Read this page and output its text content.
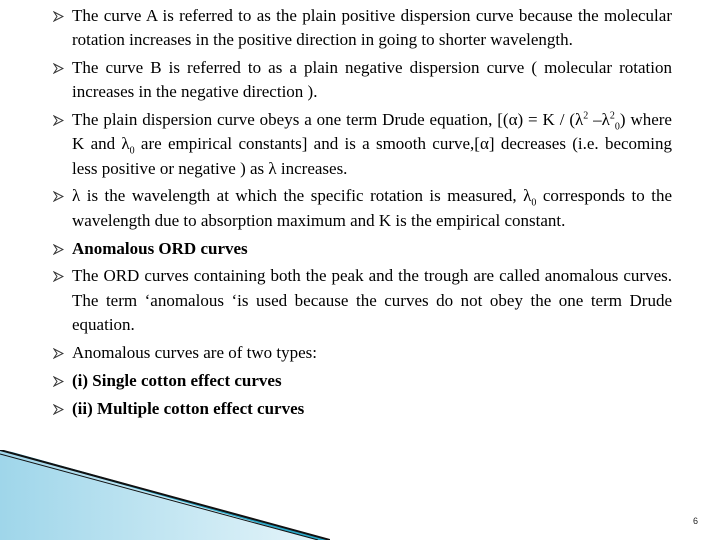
The curve A is referred to as the plain positive dispersion curve because the molecular rotation increases in the positive direction in going to shorter wavelength.
The curve B is referred to as a plain negative dispersion curve ( molecular rotation increases in the negative direction ).
The plain dispersion curve obeys a one term Drude equation, [$(\alpha) = K / (\lambda^2$ $-\lambda^2_0$) where K and $\lambda_0$ are empirical constants] and is a smooth curve,[α] decreases (i.e. becoming less positive or negative ) as λ increases.
λ is the wavelength at which the specific rotation is measured, $\lambda_0$ corresponds to the wavelength due to absorption maximum and K is the empirical constant.
Anomalous ORD curves
The ORD curves containing both the peak and the trough are called anomalous curves. The term ‘anomalous ‘is used because the curves do not obey the one term Drude equation.
Anomalous curves are of two types:
(i) Single cotton effect curves
(ii) Multiple cotton effect curves
6
